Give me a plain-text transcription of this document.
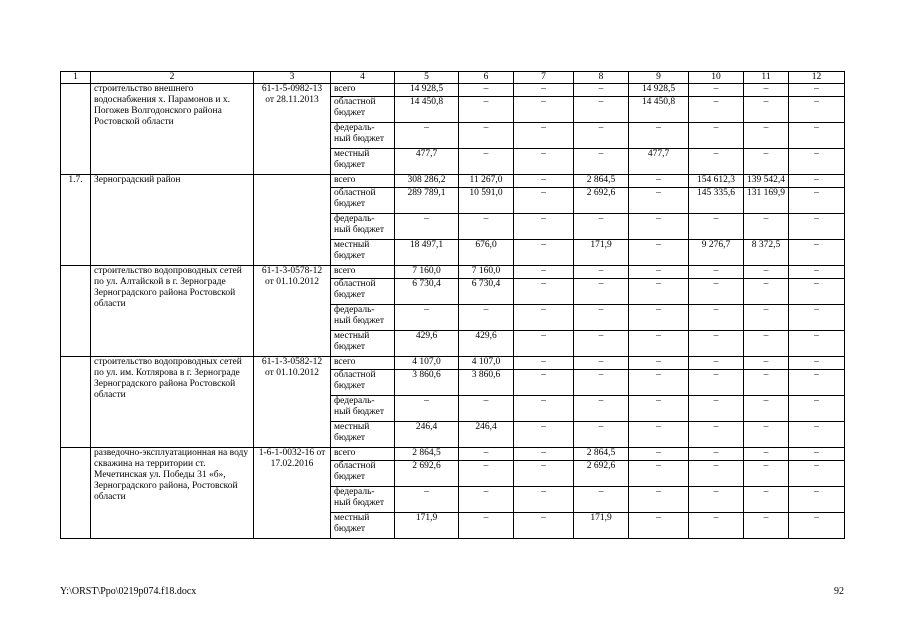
1	2	3	4	5	6	7	8	9	10	11	12
	строительство внешнего водоснабжения х. Парамонов и х. Погожев Волгодонского района Ростовской области	61-1-5-0982-13 от 28.11.2013	всего	14 928,5	–	–	–	14 928,5	–	–	–
			областной бюджет	14 450,8	–	–	–	14 450,8	–	–	–
			федераль-ный бюджет	–	–	–	–	–	–	–	–
			местный бюджет	477,7	–	–	–	477,7	–	–	–
1.7.	Зерноградский район		всего	308 286,2	11 267,0	–	2 864,5	–	154 612,3	139 542,4	–
			областной бюджет	289 789,1	10 591,0	–	2 692,6	–	145 335,6	131 169,9	–
			федераль-ный бюджет	–	–	–	–	–	–	–	–
			местный бюджет	18 497,1	676,0	–	171,9	–	9 276,7	8 372,5	–
	строительство водопроводных сетей по ул. Алтайской в г. Зернограде Зерноградского района Ростовской области	61-1-3-0578-12 от 01.10.2012	всего	7 160,0	7 160,0	–	–	–	–	–	–
			областной бюджет	6 730,4	6 730,4	–	–	–	–	–	–
			федераль-ный бюджет	–	–	–	–	–	–	–	–
			местный бюджет	429,6	429,6	–	–	–	–	–	–
	строительство водопроводных сетей по ул. им. Котлярова в г. Зернограде Зерноградского района Ростовской области	61-1-3-0582-12 от 01.10.2012	всего	4 107,0	4 107,0	–	–	–	–	–	–
			областной бюджет	3 860,6	3 860,6	–	–	–	–	–	–
			федераль-ный бюджет	–	–	–	–	–	–	–	–
			местный бюджет	246,4	246,4	–	–	–	–	–	–
	разведочно-эксплуатационная на воду скважина на территории ст. Мечетинская ул. Победы 31 «б», Зерноградского района, Ростовской области	1-6-1-0032-16 от 17.02.2016	всего	2 864,5	–	–	2 864,5	–	–	–	–
			областной бюджет	2 692,6	–	–	2 692,6	–	–	–	–
			федераль-ный бюджет	–	–	–	–	–	–	–	–
			местный бюджет	171,9	–	–	171,9	–	–	–	–
Y:\ORST\Ppo\0219p074.f18.docx	92
